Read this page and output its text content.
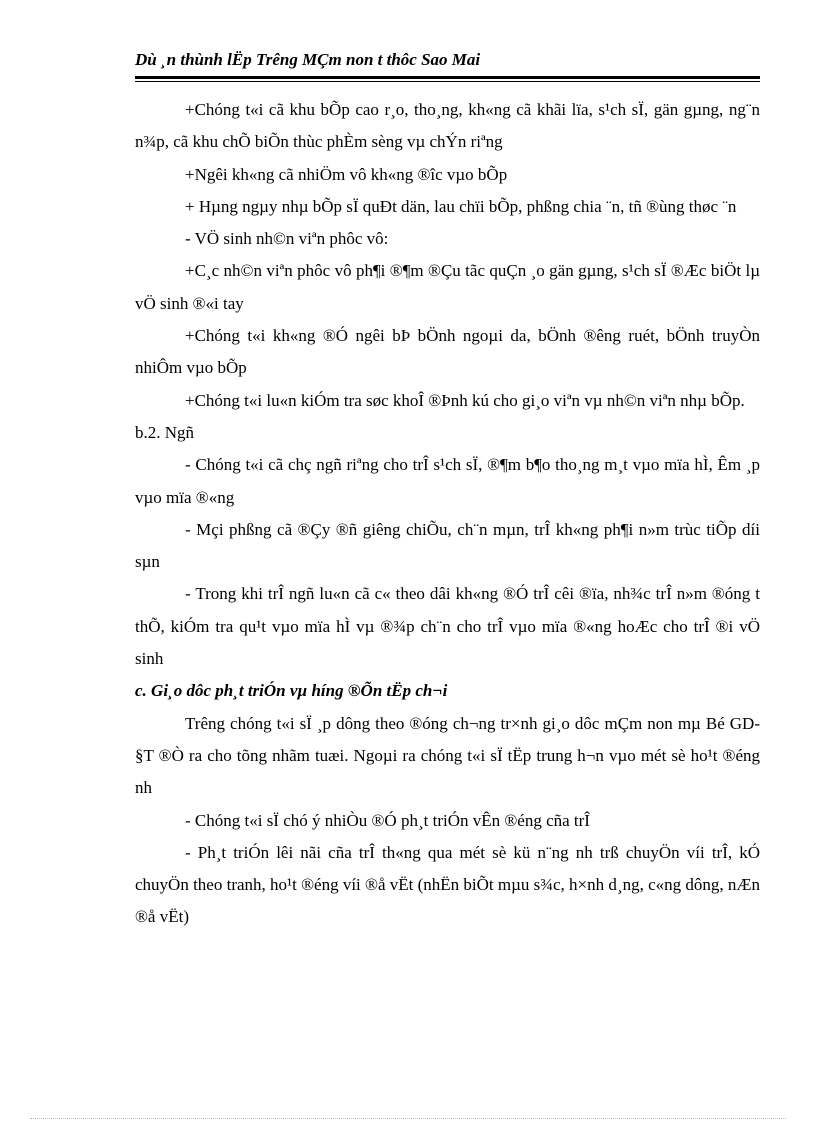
Dù ¸n thùnh lËp Trêng MÇm non t thôc Sao Mai

+Chóng t«i cã khu bÕp cao r¸o, tho¸ng, kh«ng cã khãi lïa, s¹ch sÏ, gän gµng, ng¨n n¾p, cã khu chÕ biÕn thùc phÈm sèng vµ chÝn riªng

+Ngêi kh«ng cã nhiÖm vô kh«ng ®îc vµo bÕp

+ Hµng ngµy nhµ bÕp sÏ quÐt dän, lau chïi bÕp, phßng chia ¨n, tñ ®ùng thøc ¨n

- VÖ sinh nh©n viªn phôc vô:

+C¸c nh©n viªn phôc vô ph¶i ®¶m ®Çu tãc quÇn ¸o gän gµng, s¹ch sÏ ®Æc biÖt lµ vÖ sinh ®«i tay

+Chóng t«i kh«ng ®Ó ngêi bÞ bÖnh ngoµi da, bÖnh ®êng ruét, bÖnh truyÒn nhiÔm vµo bÕp

+Chóng t«i lu«n kiÓm tra søc khoÎ ®Þnh kú cho gi¸o viªn vµ nh©n viªn nhµ bÕp.

b.2. Ngñ

- Chóng t«i cã chç ngñ riªng cho trÎ s¹ch sÏ, ®¶m b¶o tho¸ng m¸t vµo mïa hÌ, Êm ¸p vµo mïa ®«ng

- Mçi phßng cã ®Çy ®ñ giêng chiÕu, ch¨n mµn, trÎ kh«ng ph¶i n»m trùc tiÕp díi sµn

- Trong khi trÎ ngñ lu«n cã c« theo dâi kh«ng ®Ó trÎ cêi ®ïa, nh¾c trÎ n»m ®óng t thÕ, kiÓm tra qu¹t vµo mïa hÌ vµ ®¾p ch¨n cho trÎ vµo mïa ®«ng hoÆc cho trÎ ®i vÖ sinh

c. Gi¸o dôc ph¸t triÓn vµ híng ®Õn tËp ch¬i

Trêng chóng t«i sÏ ¸p dông theo ®óng ch¬ng tr×nh gi¸o dôc mÇm non mµ Bé GD-§T ®Ò ra cho tõng nhãm tuæi. Ngoµi ra chóng t«i sÏ tËp trung h¬n vµo mét sè ho¹t ®éng nh

- Chóng t«i sÏ chó ý nhiÒu ®Ó ph¸t triÓn vÊn ®éng cña trÎ

- Ph¸t triÓn lêi nãi cña trÎ th«ng qua mét sè kü n¨ng nh trß chuyÖn víi trÎ, kÓ chuyÖn theo tranh, ho¹t ®éng víi ®å vËt (nhËn biÕt mµu s¾c, h×nh d¸ng, c«ng dông, nÆn ®å vËt)
